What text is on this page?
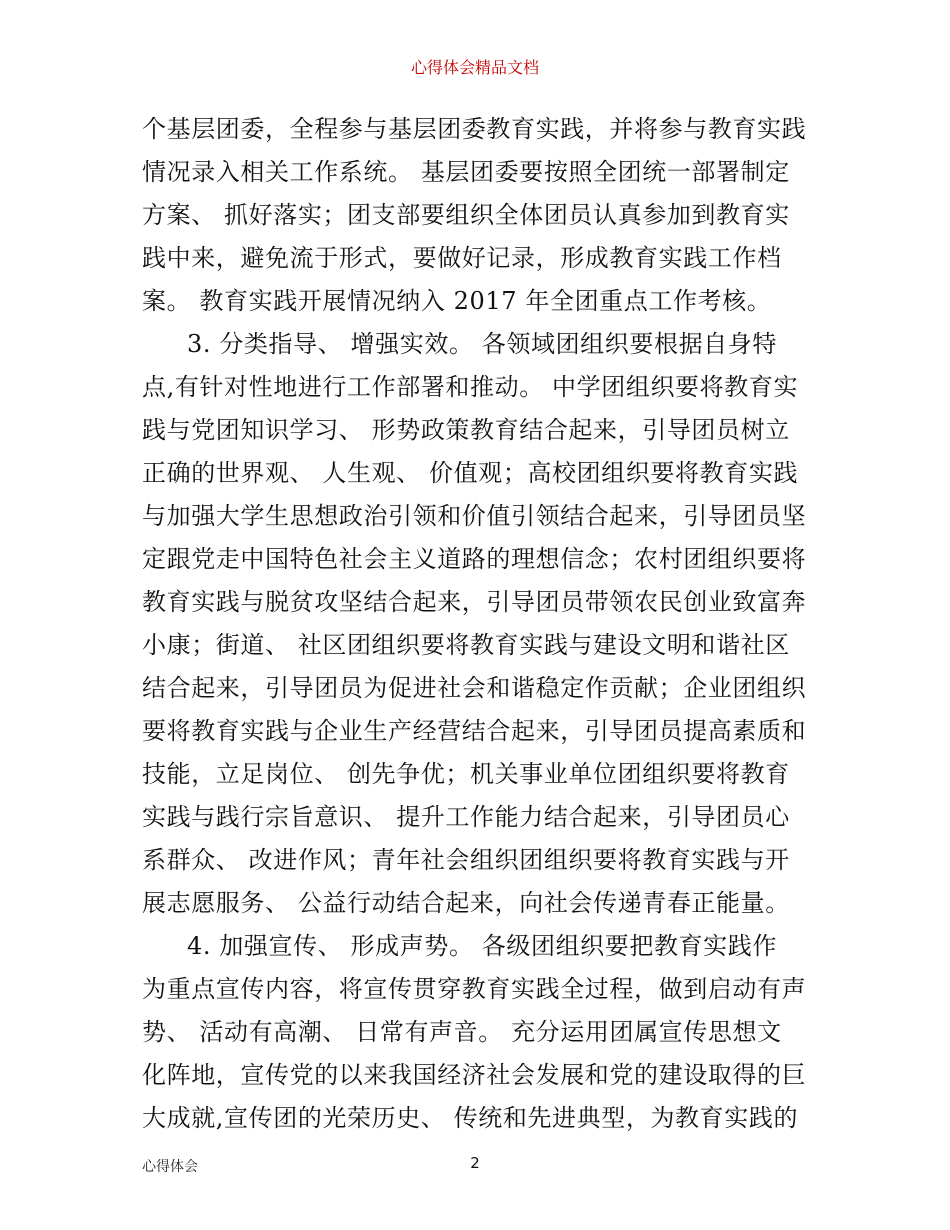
心得体会精品文档
个基层团委，全程参与基层团委教育实践，并将参与教育实践
情况录入相关工作系统。 基层团委要按照全团统一部署制定
方案、 抓好落实；团支部要组织全体团员认真参加到教育实
践中来，避免流于形式，要做好记录，形成教育实践工作档
案。 教育实践开展情况纳入 2017 年全团重点工作考核。
3. 分类指导、 增强实效。 各领域团组织要根据自身特
点,有针对性地进行工作部署和推动。 中学团组织要将教育实
践与党团知识学习、 形势政策教育结合起来，引导团员树立
正确的世界观、 人生观、 价值观；高校团组织要将教育实践
与加强大学生思想政治引领和价值引领结合起来，引导团员坚
定跟党走中国特色社会主义道路的理想信念；农村团组织要将
教育实践与脱贫攻坚结合起来，引导团员带领农民创业致富奔
小康；街道、 社区团组织要将教育实践与建设文明和谐社区
结合起来，引导团员为促进社会和谐稳定作贡献；企业团组织
要将教育实践与企业生产经营结合起来，引导团员提高素质和
技能，立足岗位、 创先争优；机关事业单位团组织要将教育
实践与践行宗旨意识、 提升工作能力结合起来，引导团员心
系群众、 改进作风；青年社会组织团组织要将教育实践与开
展志愿服务、 公益行动结合起来，向社会传递青春正能量。
4. 加强宣传、 形成声势。 各级团组织要把教育实践作
为重点宣传内容，将宣传贯穿教育实践全过程，做到启动有声
势、 活动有高潮、 日常有声音。 充分运用团属宣传思想文
化阵地，宣传党的以来我国经济社会发展和党的建设取得的巨
大成就,宣传团的光荣历史、 传统和先进典型，为教育实践的
心得体会	2
